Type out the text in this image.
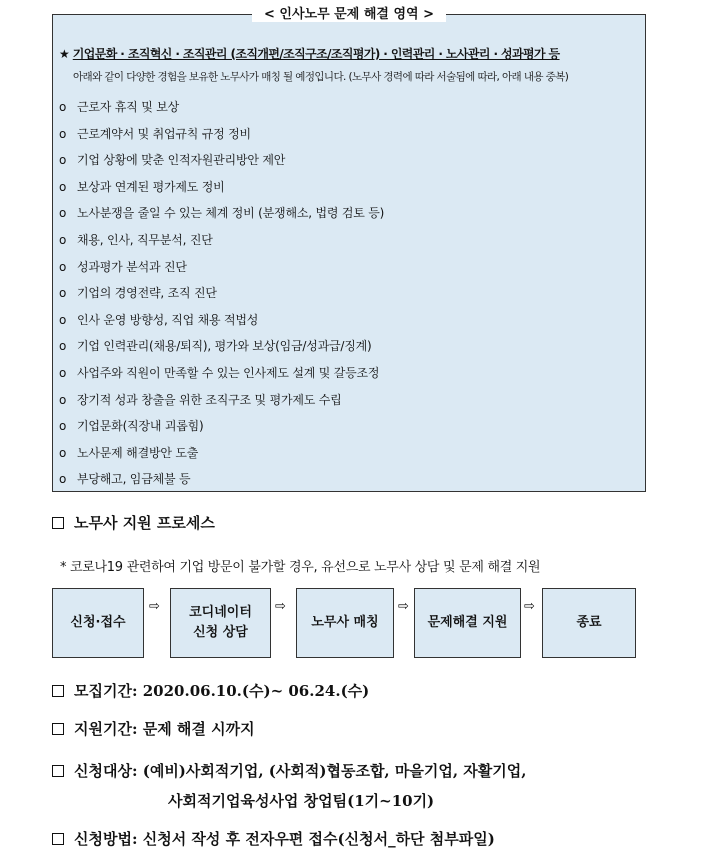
< 인사노무 문제 해결 영역 >
★ 기업문화 · 조직혁신 · 조직관리 (조직개편/조직구조/조직평가) · 인력관리 · 노사관리 · 성과평가 등
아래와 같이 다양한 경험을 보유한 노무사가 매칭 될 예정입니다. (노무사 경력에 따라 서술됨에 따라, 아래 내용 중복)
o 근로자 휴직 및 보상
o 근로계약서 및 취업규칙 규정 정비
o 기업 상황에 맞춘 인적자원관리방안 제안
o 보상과 연계된 평가제도 정비
o 노사분쟁을 줄일 수 있는 체계 정비 (분쟁해소, 법령 검토 등)
o 채용, 인사, 직무분석, 진단
o 성과평가 분석과 진단
o 기업의 경영전략, 조직 진단
o 인사 운영 방향성, 직업 채용 적법성
o 기업 인력관리(채용/퇴직), 평가와 보상(임금/성과급/징계)
o 사업주와 직원이 만족할 수 있는 인사제도 설계 및 갈등조정
o 장기적 성과 창출을 위한 조직구조 및 평가제도 수립
o 기업문화(직장내 괴롭힘)
o 노사문제 해결방안 도출
o 부당해고, 임금체불 등
노무사 지원 프로세스
* 코로나19 관련하여 기업 방문이 불가할 경우, 유선으로 노무사 상담 및 문제 해결 지원
신청·접수
⇨ 코디네이터
신청 상담
⇨
노무사 매칭
⇨
문제해결 지원
⇨
종료
모집기간: 2020.06.10.(수)~ 06.24.(수)
지원기간: 문제 해결 시까지
신청대상: (예비)사회적기업, (사회적)협동조합, 마을기업, 자활기업,
사회적기업육성사업 창업팀(1기~10기)
신청방법: 신청서 작성 후 전자우편 접수(신청서_하단 첨부파일)
